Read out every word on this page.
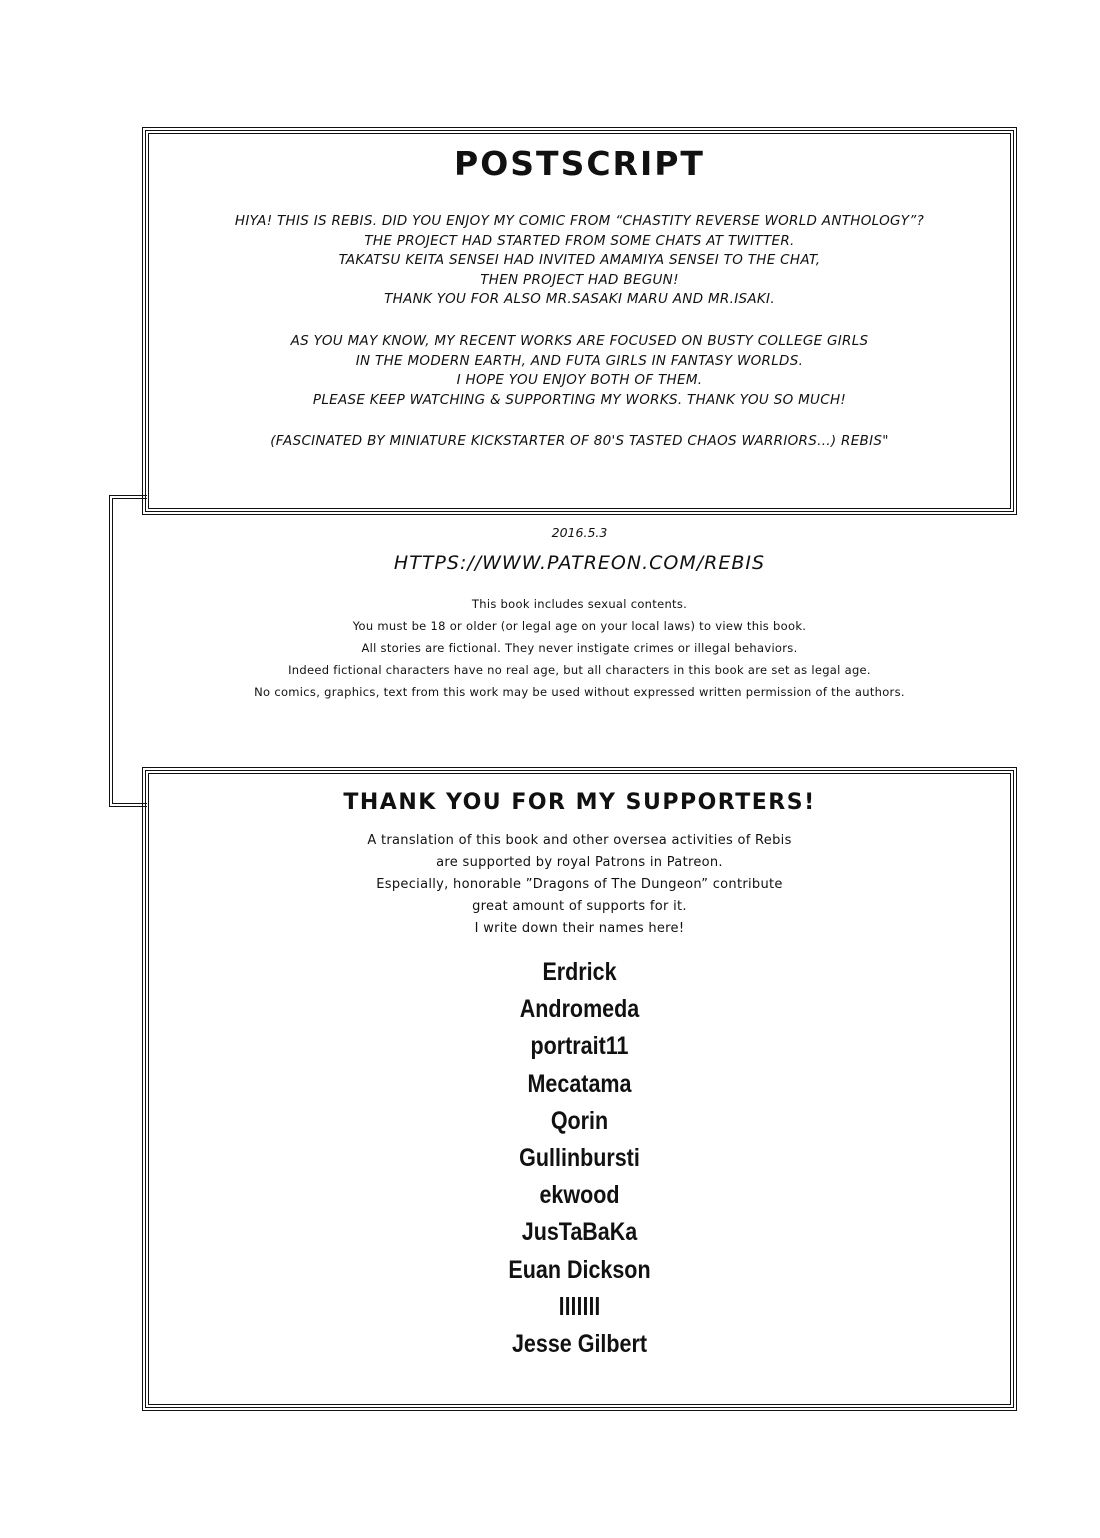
POSTSCRIPT
HIYA! THIS IS REBIS. DID YOU ENJOY MY COMIC FROM “CHASTITY REVERSE WORLD ANTHOLOGY”?
THE PROJECT HAD STARTED FROM SOME CHATS AT TWITTER.
TAKATSU KEITA SENSEI HAD INVITED AMAMIYA SENSEI TO THE CHAT,
THEN PROJECT HAD BEGUN!
THANK YOU FOR ALSO MR.SASAKI MARU AND MR.ISAKI.
AS YOU MAY KNOW, MY RECENT WORKS ARE FOCUSED ON BUSTY COLLEGE GIRLS
IN THE MODERN EARTH, AND FUTA GIRLS IN FANTASY WORLDS.
I HOPE YOU ENJOY BOTH OF THEM.
PLEASE KEEP WATCHING & SUPPORTING MY WORKS. THANK YOU SO MUCH!
(FASCINATED BY MINIATURE KICKSTARTER OF 80'S TASTED CHAOS WARRIORS...) REBIS"
2016.5.3
HTTPS://WWW.PATREON.COM/REBIS
This book includes sexual contents.
You must be 18 or older (or legal age on your local laws) to view this book.
All stories are fictional. They never instigate crimes or illegal behaviors.
Indeed fictional characters have no real age, but all characters in this book are set as legal age.
No comics, graphics, text from this work may be used without expressed written permission of the authors.
THANK YOU FOR MY SUPPORTERS!
A translation of this book and other oversea activities of Rebis
are supported by royal Patrons in Patreon.
Especially, honorable ”Dragons of The Dungeon” contribute
great amount of supports for it.
I write down their names here!
Erdrick
Andromeda
portrait11
Mecatama
Qorin
Gullinbursti
ekwood
JusTaBaKa
Euan Dickson
lllllll
Jesse Gilbert
